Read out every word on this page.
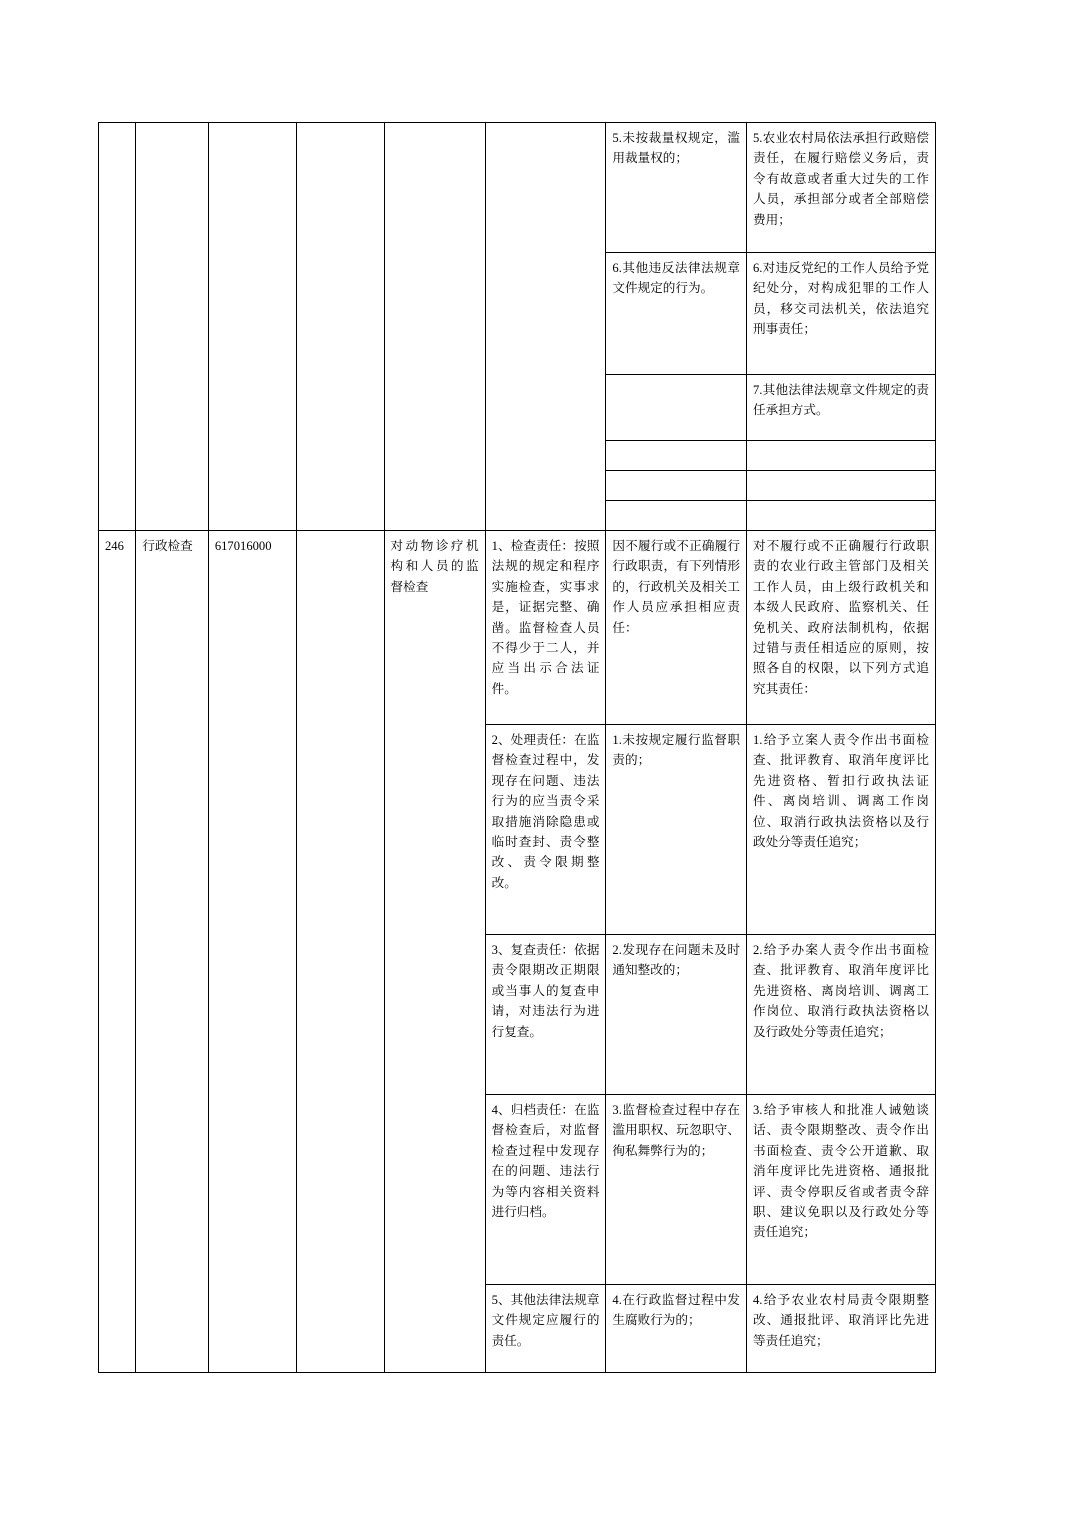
						5.未按裁量权规定，滥用裁量权的；	5.农业农村局依法承担行政赔偿责任，在履行赔偿义务后，责令有故意或者重大过失的工作人员，承担部分或者全部赔偿费用；
						6.其他违反法律法规章文件规定的行为。	6.对违反党纪的工作人员给予党纪处分，对构成犯罪的工作人员，移交司法机关，依法追究刑事责任；
							7.其他法律法规章文件规定的责任承担方式。

246	行政检查	617016000		对动物诊疗机构和人员的监督检查	1、检查责任：按照法规的规定和程序实施检查，实事求是，证据完整、确凿。监督检查人员不得少于二人，并应当出示合法证件。	因不履行或不正确履行行政职责，有下列情形的，行政机关及相关工作人员应承担相应责任：	对不履行或不正确履行行政职责的农业行政主管部门及相关工作人员，由上级行政机关和本级人民政府、监察机关、任免机关、政府法制机构，依据过错与责任相适应的原则，按照各自的权限，以下列方式追究其责任：
					2、处理责任：在监督检查过程中，发现存在问题、违法行为的应当责令采取措施消除隐患或临时查封、责令整改、责令限期整改。	1.未按规定履行监督职责的；	1.给予立案人责令作出书面检查、批评教育、取消年度评比先进资格、暂扣行政执法证件、离岗培训、调离工作岗位、取消行政执法资格以及行政处分等责任追究；
					3、复查责任：依据责令限期改正期限或当事人的复查申请，对违法行为进行复查。	2.发现存在问题未及时通知整改的；	2.给予办案人责令作出书面检查、批评教育、取消年度评比先进资格、离岗培训、调离工作岗位、取消行政执法资格以及行政处分等责任追究；
					4、归档责任：在监督检查后，对监督检查过程中发现存在的问题、违法行为等内容相关资料进行归档。	3.监督检查过程中存在滥用职权、玩忽职守、徇私舞弊行为的；	3.给予审核人和批准人诫勉谈话、责令限期整改、责令作出书面检查、责令公开道歉、取消年度评比先进资格、通报批评、责令停职反省或者责令辞职、建议免职以及行政处分等责任追究；
					5、其他法律法规章文件规定应履行的责任。	4.在行政监督过程中发生腐败行为的；	4.给予农业农村局责令限期整改、通报批评、取消评比先进等责任追究；
